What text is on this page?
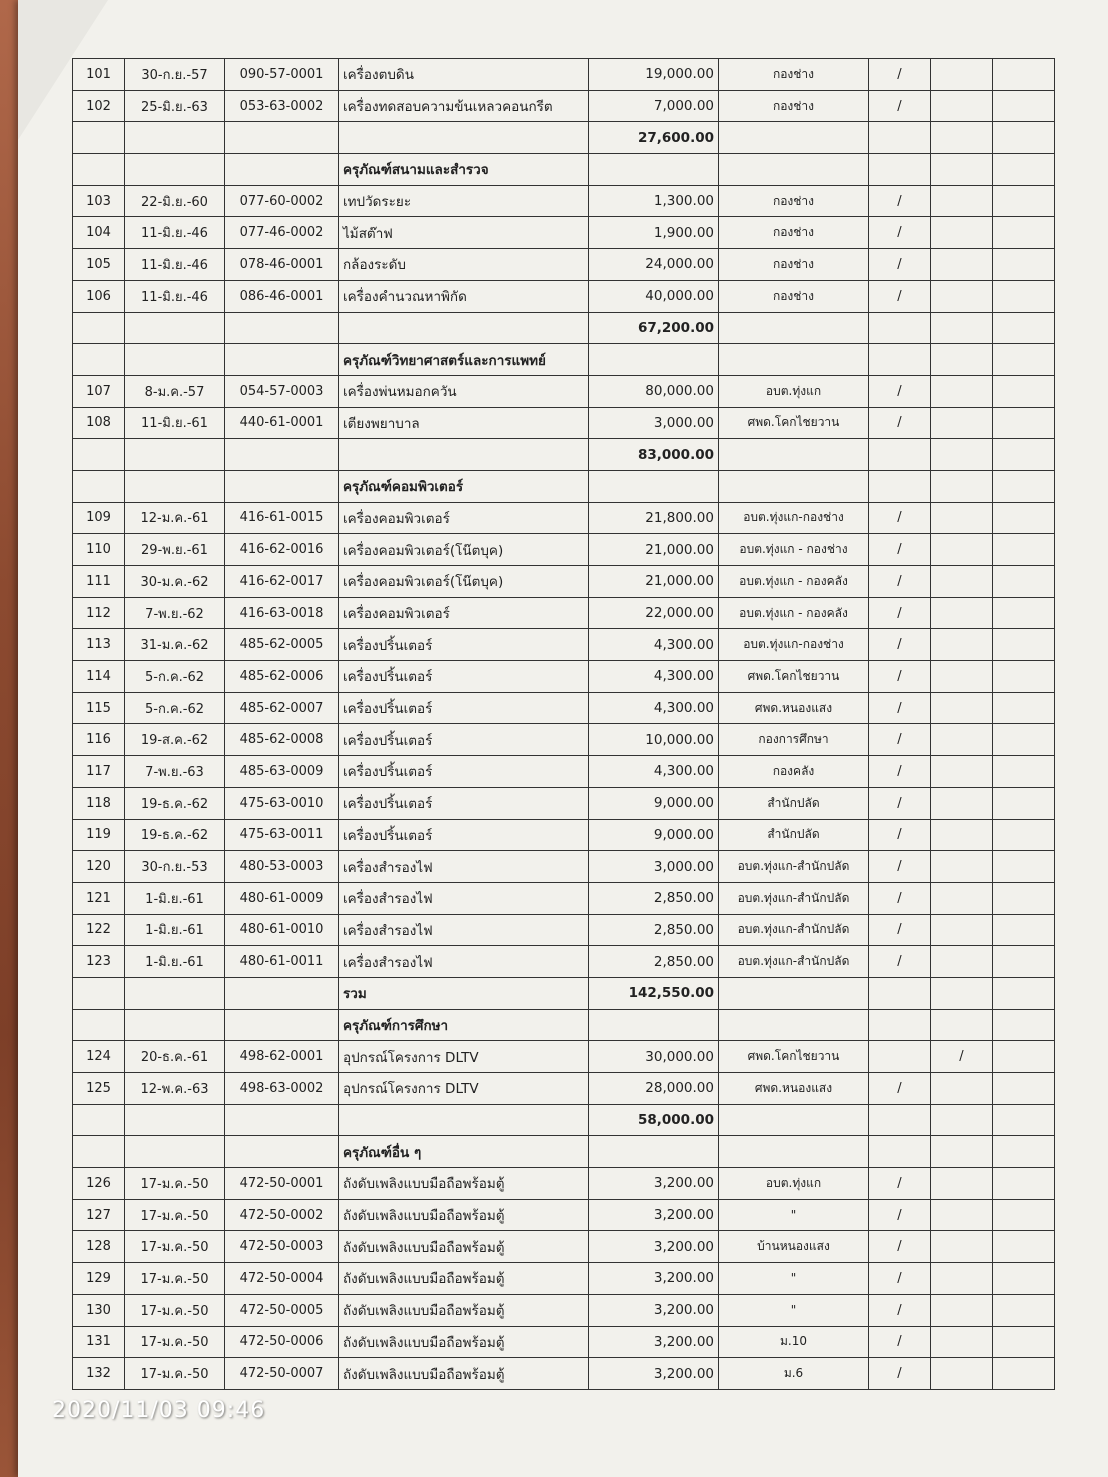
101	30-ก.ย.-57	090-57-0001	เครื่องตบดิน	19,000.00	กองช่าง	/		
102	25-มิ.ย.-63	053-63-0002	เครื่องทดสอบความข้นเหลวคอนกรีต	7,000.00	กองช่าง	/		
				27,600.00				
			ครุภัณฑ์สนามและสำรวจ					
103	22-มิ.ย.-60	077-60-0002	เทปวัดระยะ	1,300.00	กองช่าง	/		
104	11-มิ.ย.-46	077-46-0002	ไม้สต๊าฟ	1,900.00	กองช่าง	/		
105	11-มิ.ย.-46	078-46-0001	กล้องระดับ	24,000.00	กองช่าง	/		
106	11-มิ.ย.-46	086-46-0001	เครื่องคำนวณหาพิกัด	40,000.00	กองช่าง	/		
				67,200.00				
			ครุภัณฑ์วิทยาศาสตร์และการแพทย์					
107	8-ม.ค.-57	054-57-0003	เครื่องพ่นหมอกควัน	80,000.00	อบต.ทุ่งแก	/		
108	11-มิ.ย.-61	440-61-0001	เตียงพยาบาล	3,000.00	ศพด.โคกไชยวาน	/		
				83,000.00				
			ครุภัณฑ์คอมพิวเตอร์					
109	12-ม.ค.-61	416-61-0015	เครื่องคอมพิวเตอร์	21,800.00	อบต.ทุ่งแก-กองช่าง	/		
110	29-พ.ย.-61	416-62-0016	เครื่องคอมพิวเตอร์(โน๊ตบุค)	21,000.00	อบต.ทุ่งแก - กองช่าง	/		
111	30-ม.ค.-62	416-62-0017	เครื่องคอมพิวเตอร์(โน๊ตบุค)	21,000.00	อบต.ทุ่งแก - กองคลัง	/		
112	7-พ.ย.-62	416-63-0018	เครื่องคอมพิวเตอร์	22,000.00	อบต.ทุ่งแก - กองคลัง	/		
113	31-ม.ค.-62	485-62-0005	เครื่องปริ้นเตอร์	4,300.00	อบต.ทุ่งแก-กองช่าง	/		
114	5-ก.ค.-62	485-62-0006	เครื่องปริ้นเตอร์	4,300.00	ศพด.โคกไชยวาน	/		
115	5-ก.ค.-62	485-62-0007	เครื่องปริ้นเตอร์	4,300.00	ศพด.หนองแสง	/		
116	19-ส.ค.-62	485-62-0008	เครื่องปริ้นเตอร์	10,000.00	กองการศึกษา	/		
117	7-พ.ย.-63	485-63-0009	เครื่องปริ้นเตอร์	4,300.00	กองคลัง	/		
118	19-ธ.ค.-62	475-63-0010	เครื่องปริ้นเตอร์	9,000.00	สำนักปลัด	/		
119	19-ธ.ค.-62	475-63-0011	เครื่องปริ้นเตอร์	9,000.00	สำนักปลัด	/		
120	30-ก.ย.-53	480-53-0003	เครื่องสำรองไฟ	3,000.00	อบต.ทุ่งแก-สำนักปลัด	/		
121	1-มิ.ย.-61	480-61-0009	เครื่องสำรองไฟ	2,850.00	อบต.ทุ่งแก-สำนักปลัด	/		
122	1-มิ.ย.-61	480-61-0010	เครื่องสำรองไฟ	2,850.00	อบต.ทุ่งแก-สำนักปลัด	/		
123	1-มิ.ย.-61	480-61-0011	เครื่องสำรองไฟ	2,850.00	อบต.ทุ่งแก-สำนักปลัด	/		
			รวม	142,550.00				
			ครุภัณฑ์การศึกษา					
124	20-ธ.ค.-61	498-62-0001	อุปกรณ์โครงการ DLTV	30,000.00	ศพด.โคกไชยวาน		/	
125	12-พ.ค.-63	498-63-0002	อุปกรณ์โครงการ DLTV	28,000.00	ศพด.หนองแสง	/		
				58,000.00				
			ครุภัณฑ์อื่น ๆ					
126	17-ม.ค.-50	472-50-0001	ถังดับเพลิงแบบมือถือพร้อมตู้	3,200.00	อบต.ทุ่งแก	/		
127	17-ม.ค.-50	472-50-0002	ถังดับเพลิงแบบมือถือพร้อมตู้	3,200.00	"	/		
128	17-ม.ค.-50	472-50-0003	ถังดับเพลิงแบบมือถือพร้อมตู้	3,200.00	บ้านหนองแสง	/		
129	17-ม.ค.-50	472-50-0004	ถังดับเพลิงแบบมือถือพร้อมตู้	3,200.00	"	/		
130	17-ม.ค.-50	472-50-0005	ถังดับเพลิงแบบมือถือพร้อมตู้	3,200.00	"	/		
131	17-ม.ค.-50	472-50-0006	ถังดับเพลิงแบบมือถือพร้อมตู้	3,200.00	ม.10	/		
132	17-ม.ค.-50	472-50-0007	ถังดับเพลิงแบบมือถือพร้อมตู้	3,200.00	ม.6	/		
2020/11/03 09:46
